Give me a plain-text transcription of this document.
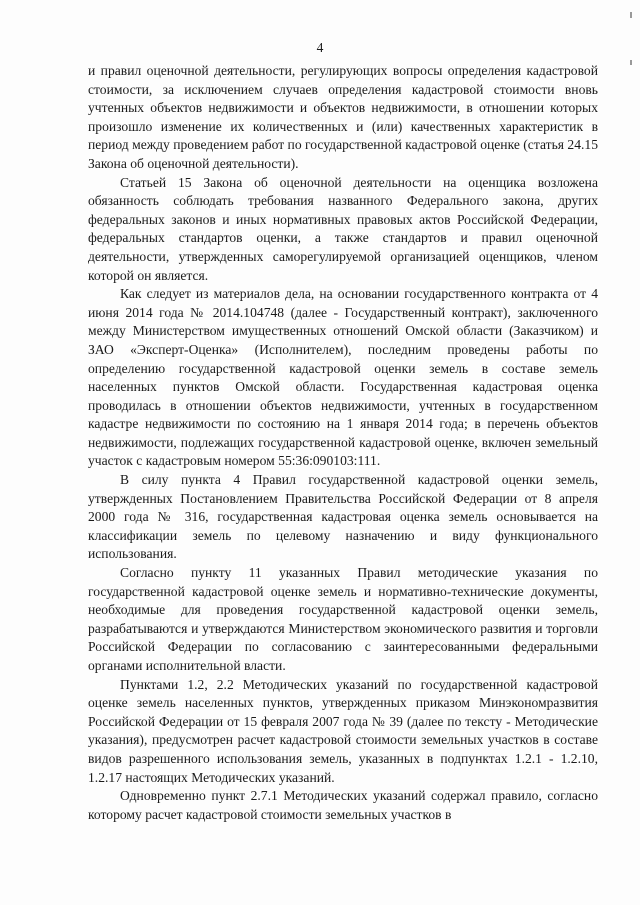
4

и правил оценочной деятельности, регулирующих вопросы определения кадастровой стоимости, за исключением случаев определения кадастровой стоимости вновь учтенных объектов недвижимости и объектов недвижимости, в отношении которых произошло изменение их количественных и (или) качественных характеристик в период между проведением работ по государственной кадастровой оценке (статья 24.15 Закона об оценочной деятельности).

Статьей 15 Закона об оценочной деятельности на оценщика возложена обязанность соблюдать требования названного Федерального закона, других федеральных законов и иных нормативных правовых актов Российской Федерации, федеральных стандартов оценки, а также стандартов и правил оценочной деятельности, утвержденных саморегулируемой организацией оценщиков, членом которой он является.

Как следует из материалов дела, на основании государственного контракта от 4 июня 2014 года № 2014.104748 (далее - Государственный контракт), заключенного между Министерством имущественных отношений Омской области (Заказчиком) и ЗАО «Эксперт-Оценка» (Исполнителем), последним проведены работы по определению государственной кадастровой оценки земель в составе земель населенных пунктов Омской области. Государственная кадастровая оценка проводилась в отношении объектов недвижимости, учтенных в государственном кадастре недвижимости по состоянию на 1 января 2014 года; в перечень объектов недвижимости, подлежащих государственной кадастровой оценке, включен земельный участок с кадастровым номером 55:36:090103:111.

В силу пункта 4 Правил государственной кадастровой оценки земель, утвержденных Постановлением Правительства Российской Федерации от 8 апреля 2000 года № 316, государственная кадастровая оценка земель основывается на классификации земель по целевому назначению и виду функционального использования.

Согласно пункту 11 указанных Правил методические указания по государственной кадастровой оценке земель и нормативно-технические документы, необходимые для проведения государственной кадастровой оценки земель, разрабатываются и утверждаются Министерством экономического развития и торговли Российской Федерации по согласованию с заинтересованными федеральными органами исполнительной власти.

Пунктами 1.2, 2.2 Методических указаний по государственной кадастровой оценке земель населенных пунктов, утвержденных приказом Минэкономразвития Российской Федерации от 15 февраля 2007 года № 39 (далее по тексту - Методические указания), предусмотрен расчет кадастровой стоимости земельных участков в составе видов разрешенного использования земель, указанных в подпунктах 1.2.1 - 1.2.10, 1.2.17 настоящих Методических указаний.

Одновременно пункт 2.7.1 Методических указаний содержал правило, согласно которому расчет кадастровой стоимости земельных участков в
